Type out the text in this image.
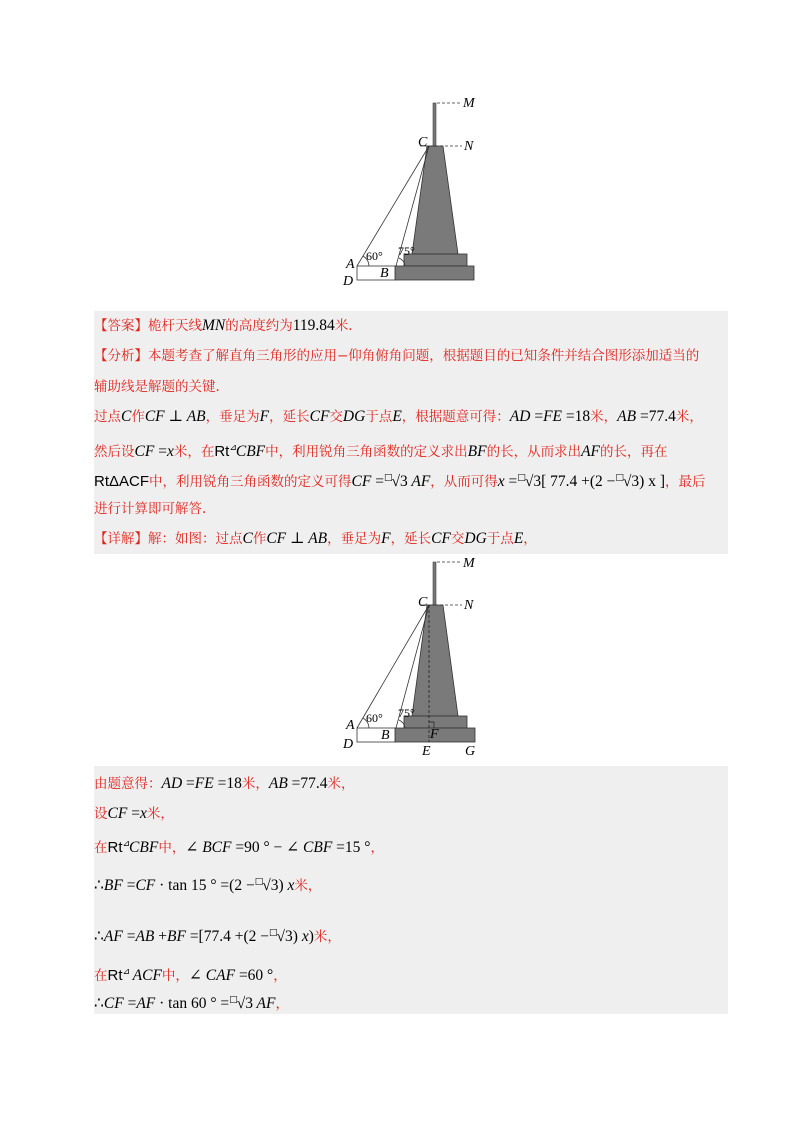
M
N
C
A
B
D
60° 75°
【答案】桅杆天线MN的高度约为119.84米.
【分析】本题考查了解直角三角形的应用−仰角俯角问题，根据题目的已知条件并结合图形添加适当的
辅助线是解题的关键.
过点C作CF ⊥ AB，垂足为F，延长CF交DG于点E，根据题意可得：AD =FE =18米，AB =77.4米，
然后设CF =x米，在Rt⊿CBF中，利用锐角三角函数的定义求出BF的长，从而求出AF的长，再在
RtΔACF中，利用锐角三角函数的定义可得CF =□√3 AF，从而可得x =□√3[ 77.4 +(2 −□√3) x ]，最后
进行计算即可解答.
【详解】解：如图：过点C作CF ⊥ AB，垂足为F，延长CF交DG于点E，
M
N
C
A
B
D
F
E G
60° 75°
由题意得：AD =FE =18米，AB =77.4米，
设CF =x米，
在Rt⊿CBF中，∠ BCF =90 ° − ∠ CBF =15 °，
∴BF =CF · tan 15 ° =(2 −□√3) x米，
∴AF =AB +BF =[77.4 +(2 −□√3) x)米，
在Rt⊿ ACF中，∠ CAF =60 °，
∴CF =AF · tan 60 ° =□√3 AF，
